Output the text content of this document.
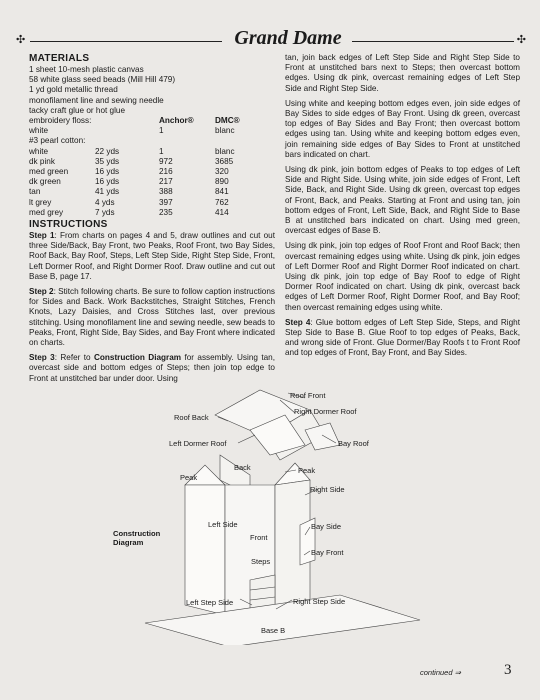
✣	Grand Dame	✣
MATERIALS
1 sheet 10-mesh plastic canvas
58 white glass seed beads (Mill Hill 479)
1 yd gold metallic thread
monofilament line and sewing needle
tacky craft glue or hot glue
embroidery floss:	Anchor®	DMC®
white	1	blanc
#3 pearl cotton:
white	22 yds	1	blanc
dk pink	35 yds	972	3685
med green	16 yds	216	320
dk green	16 yds	217	890
tan	41 yds	388	841
lt grey	4 yds	397	762
med grey	7 yds	235	414
INSTRUCTIONS

Step 1: From charts on pages 4 and 5, draw outlines and cut out three Side/Back, Bay Front, two Peaks, Roof Front, two Bay Sides, Roof Back, Bay Roof, Steps, Left Step Side, Right Step Side, Front, Left Dormer Roof, and Right Dormer Roof. Draw outline and cut out Base B, page 17.

Step 2: Stitch following charts. Be sure to follow caption instructions for Sides and Back. Work Backstitches, Straight Stitches, French Knots, Lazy Daisies, and Cross Stitches last, over previous stitching. Using monofilament line and sewing needle, sew beads to Peaks, Front, Right Side, Bay Sides, and Bay Front where indicated on charts.

Step 3: Refer to Construction Diagram for assembly. Using tan, overcast side and bottom edges of Steps; then join top edge to Front at unstitched bar under door. Using

tan, join back edges of Left Step Side and Right Step Side to Front at unstitched bars next to Steps; then overcast bottom edges. Using dk pink, overcast remaining edges of Left Step Side and Right Step Side.

Using white and keeping bottom edges even, join side edges of Bay Sides to side edges of Bay Front. Using dk green, overcast top edges of Bay Sides and Bay Front; then overcast bottom edges using tan. Using white and keeping bottom edges even, join remaining side edges of Bay Sides to Front at unstitched bars indicated on chart.

Using dk pink, join bottom edges of Peaks to top edges of Left Side and Right Side. Using white, join side edges of Front, Left Side, Back, and Right Side. Using dk green, overcast top edges of Front, Back, and Peaks. Starting at Front and using tan, join bottom edges of Front, Left Side, Back, and Right Side to Base B at unstitched bars indicated on chart. Using med green, overcast edges of Base B.

Using dk pink, join top edges of Roof Front and Roof Back; then overcast remaining edges using white. Using dk pink, join edges of Left Dormer Roof and Right Dormer Roof indicated on chart. Using dk pink, join top edge of Bay Roof to edge of Right Dormer Roof indicated on chart. Using dk pink, overcast back edges of Left Dormer Roof, Right Dormer Roof, and Bay Roof; then overcast remaining edges using white.

Step 4: Glue bottom edges of Left Step Side, Steps, and Right Step Side to Base B. Glue Roof to top edges of Peaks, Back, and wrong side of Front. Glue Dormer/Bay Roofs t to Front Roof and top edges of Front, Bay Front, and Bay Sides.

Roof Front
Right Dormer Roof
Roof Back
Left Dormer Roof	Bay Roof
Back
Peak
Peak
Right Side
Left Side
Front
Bay Side
Bay Front
Steps
Left Step Side	Right Step Side
Base B
Construction Diagram
continued ⇒	3
